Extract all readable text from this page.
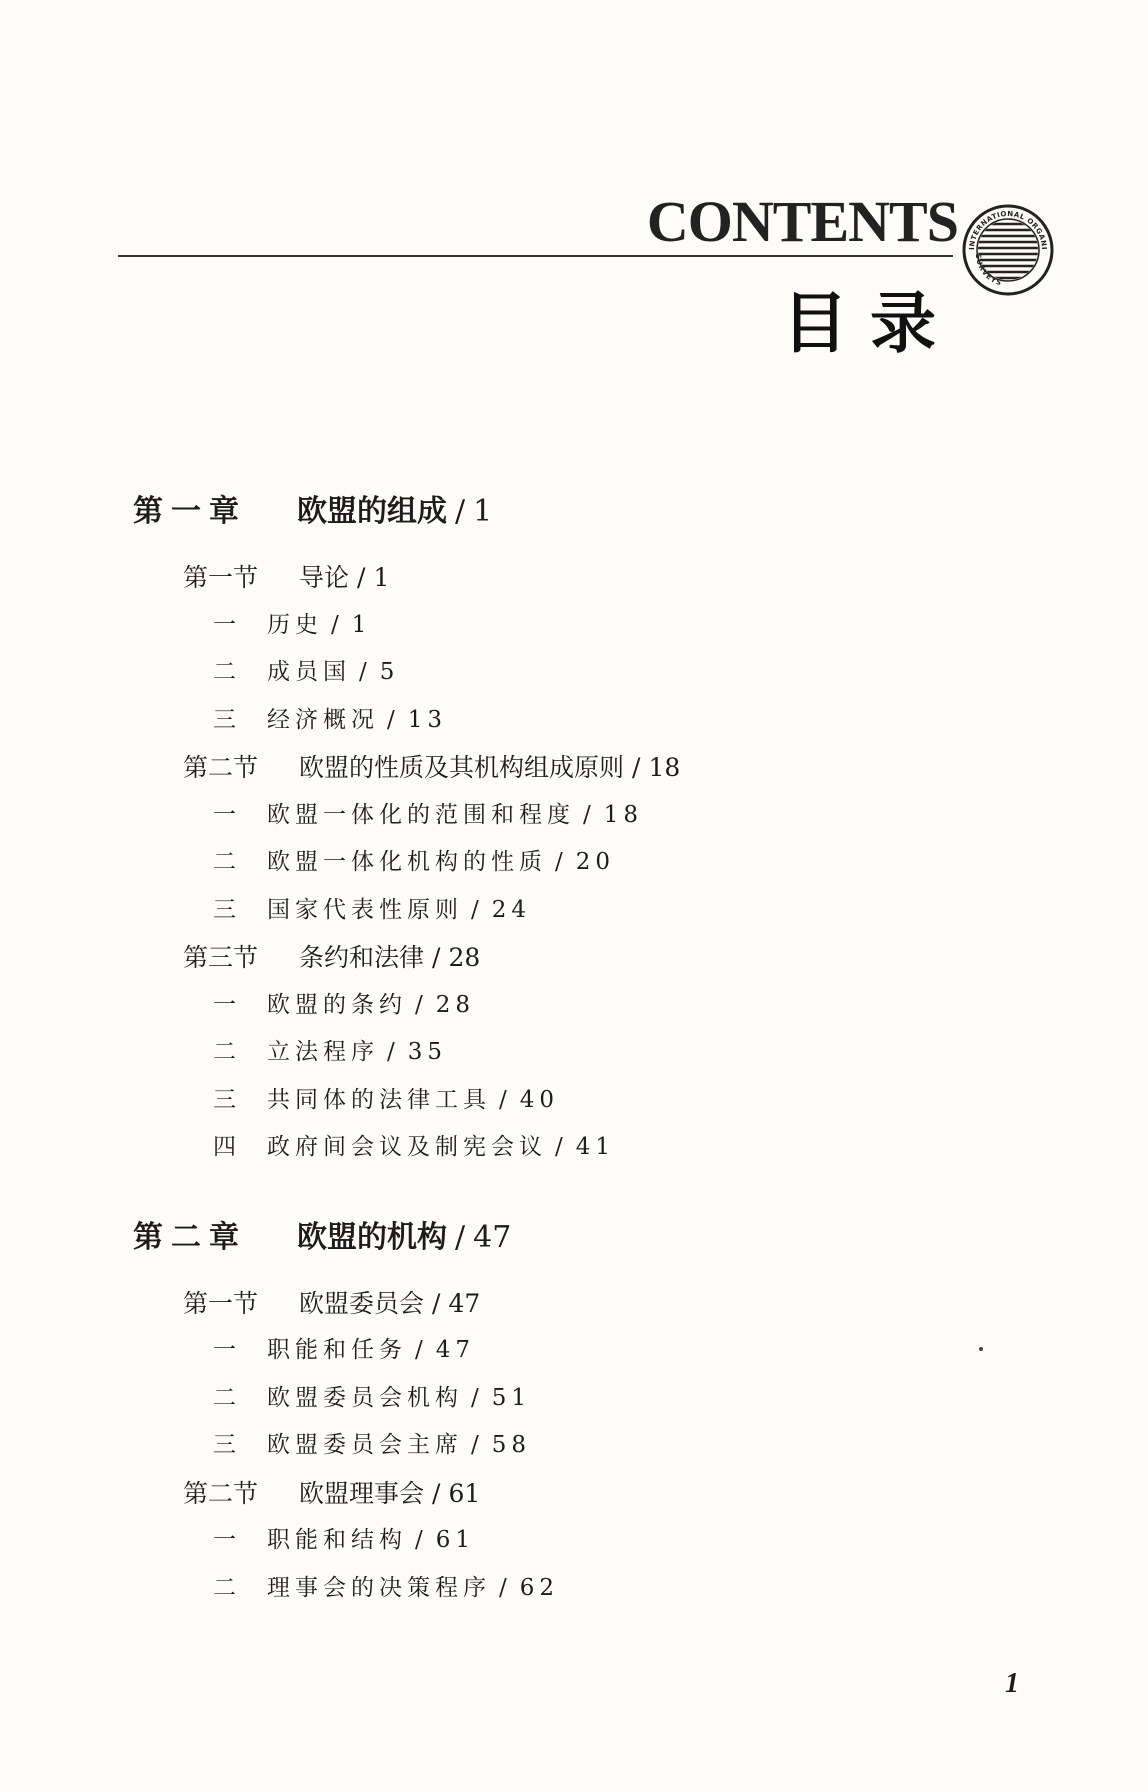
CONTENTS	INTERNATIONAL ORGANI
SURVEYS
目录
第一章 欧盟的组成 / 1
第一节 导论 / 1
一 历史 / 1
二 成员国 / 5
三 经济概况 / 13
第二节 欧盟的性质及其机构组成原则 / 18
一 欧盟一体化的范围和程度 / 18
二 欧盟一体化机构的性质 / 20
三 国家代表性原则 / 24
第三节 条约和法律 / 28
一 欧盟的条约 / 28
二 立法程序 / 35
三 共同体的法律工具 / 40
四 政府间会议及制宪会议 / 41
第二章 欧盟的机构 / 47
第一节 欧盟委员会 / 47
一 职能和任务 / 47
二 欧盟委员会机构 / 51
三 欧盟委员会主席 / 58
第二节 欧盟理事会 / 61
一 职能和结构 / 61
二 理事会的决策程序 / 62
1
